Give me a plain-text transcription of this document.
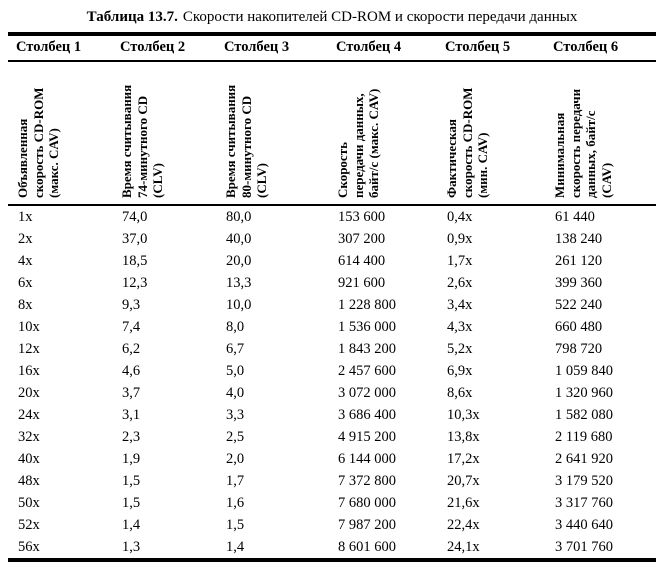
Таблица 13.7. Скорости накопителей CD-ROM и скорости передачи данных
Столбец 1	Столбец 2	Столбец 3	Столбец 4	Столбец 5	Столбец 6

Объявленная скорость CD-ROM (макс. CAV)	Время считывания 74-минутного CD (CLV)	Время считывания 80-минутного CD (CLV)	Скорость передачи данных, байт/с (макс. CAV)	Фактическая скорость CD-ROM (мин. CAV)	Минимальная скорость передачи данных, байт/с (CAV)

1x	74,0	80,0	153 600	0,4x	61 440
2x	37,0	40,0	307 200	0,9x	138 240
4x	18,5	20,0	614 400	1,7x	261 120
6x	12,3	13,3	921 600	2,6x	399 360
8x	9,3	10,0	1 228 800	3,4x	522 240
10x	7,4	8,0	1 536 000	4,3x	660 480
12x	6,2	6,7	1 843 200	5,2x	798 720
16x	4,6	5,0	2 457 600	6,9x	1 059 840
20x	3,7	4,0	3 072 000	8,6x	1 320 960
24x	3,1	3,3	3 686 400	10,3x	1 582 080
32x	2,3	2,5	4 915 200	13,8x	2 119 680
40x	1,9	2,0	6 144 000	17,2x	2 641 920
48x	1,5	1,7	7 372 800	20,7x	3 179 520
50x	1,5	1,6	7 680 000	21,6x	3 317 760
52x	1,4	1,5	7 987 200	22,4x	3 440 640
56x	1,3	1,4	8 601 600	24,1x	3 701 760
